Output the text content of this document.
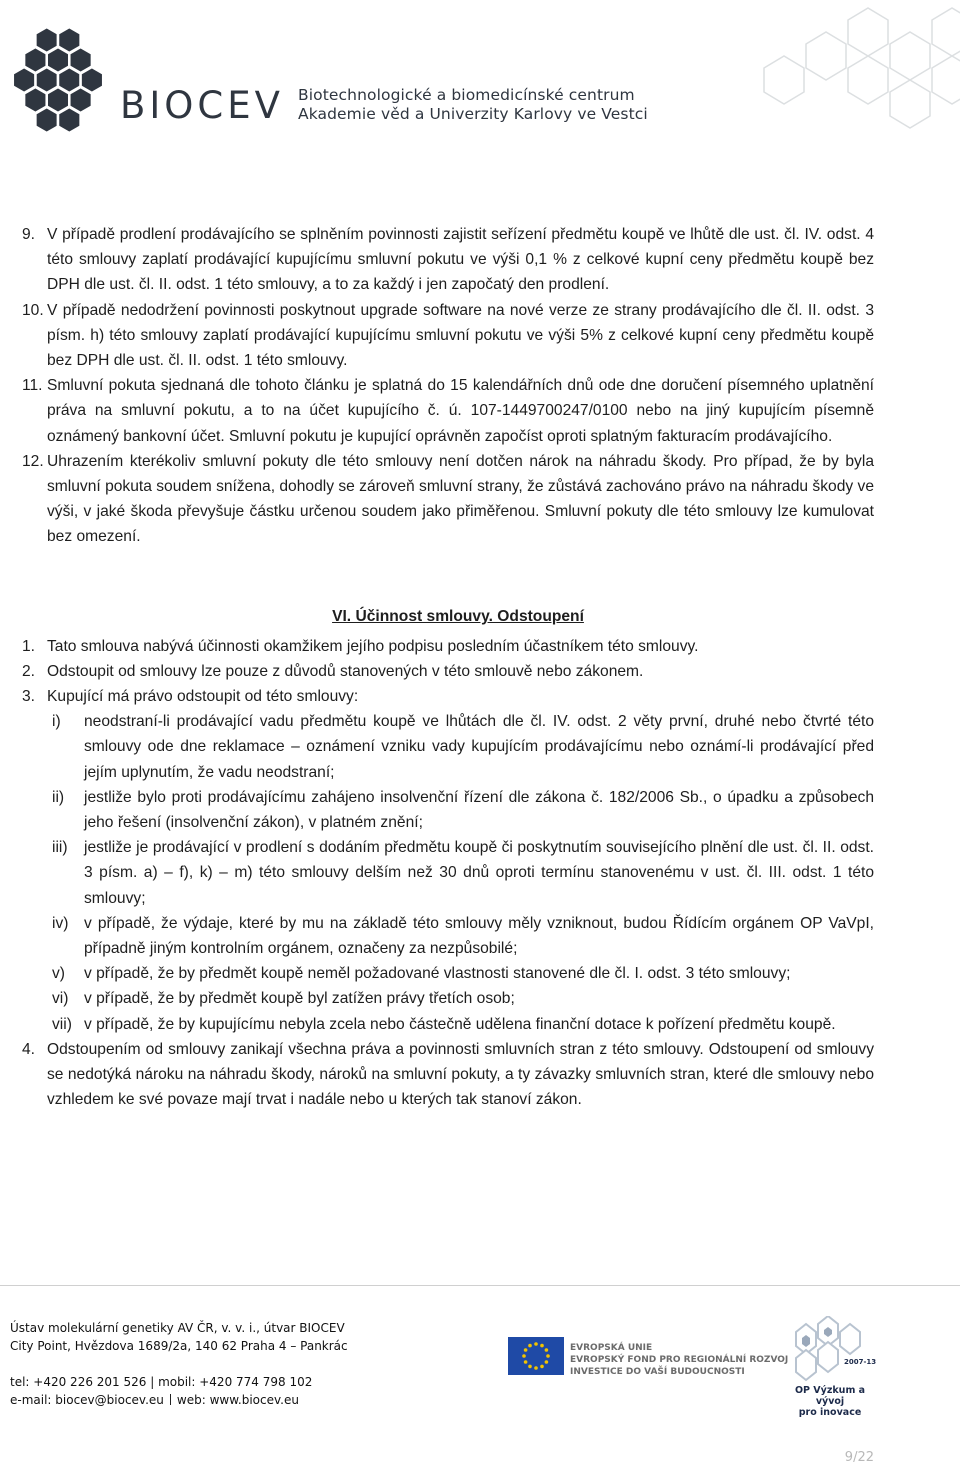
BIOCEV Biotechnologické a biomedicínské centrum
Akademie věd a Univerzity Karlovy ve Vestci

9. V případě prodlení prodávajícího se splněním povinnosti zajistit seřízení předmětu koupě ve lhůtě dle ust. čl. IV. odst. 4 této smlouvy zaplatí prodávající kupujícímu smluvní pokutu ve výši 0,1 % z celkové kupní ceny předmětu koupě bez DPH dle ust. čl. II. odst. 1 této smlouvy, a to za každý i jen započatý den prodlení.

10. V případě nedodržení povinnosti poskytnout upgrade software na nové verze ze strany prodávajícího dle čl. II. odst. 3 písm. h) této smlouvy zaplatí prodávající kupujícímu smluvní pokutu ve výši 5% z celkové kupní ceny předmětu koupě bez DPH dle ust. čl. II. odst. 1 této smlouvy.

11. Smluvní pokuta sjednaná dle tohoto článku je splatná do 15 kalendářních dnů ode dne doručení písemného uplatnění práva na smluvní pokutu, a to na účet kupujícího č. ú. 107-1449700247/0100 nebo na jiný kupujícím písemně oznámený bankovní účet. Smluvní pokutu je kupující oprávněn započíst oproti splatným fakturacím prodávajícího.

12. Uhrazením kterékoliv smluvní pokuty dle této smlouvy není dotčen nárok na náhradu škody. Pro případ, že by byla smluvní pokuta soudem snížena, dohodly se zároveň smluvní strany, že zůstává zachováno právo na náhradu škody ve výši, v jaké škoda převyšuje částku určenou soudem jako přiměřenou. Smluvní pokuty dle této smlouvy lze kumulovat bez omezení.

VI. Účinnost smlouvy. Odstoupení

1. Tato smlouva nabývá účinnosti okamžikem jejího podpisu posledním účastníkem této smlouvy.

2. Odstoupit od smlouvy lze pouze z důvodů stanovených v této smlouvě nebo zákonem.

3. Kupující má právo odstoupit od této smlouvy:

i)	neodstraní-li prodávající vadu předmětu koupě ve lhůtách dle čl. IV. odst. 2 věty první, druhé nebo čtvrté této smlouvy ode dne reklamace – oznámení vzniku vady kupujícím prodávajícímu nebo oznámí-li prodávající před jejím uplynutím, že vadu neodstraní;

ii)	jestliže bylo proti prodávajícímu zahájeno insolvenční řízení dle zákona č. 182/2006 Sb., o úpadku a způsobech jeho řešení (insolvenční zákon), v platném znění;

iii)	jestliže je prodávající v prodlení s dodáním předmětu koupě či poskytnutím souvisejícího plnění dle ust. čl. II. odst. 3 písm. a) – f), k) – m) této smlouvy delším než 30 dnů oproti termínu stanovenému v ust. čl. III. odst. 1 této smlouvy;

iv) v případě, že výdaje, které by mu na základě této smlouvy měly vzniknout, budou Řídícím orgánem OP VaVpI, případně jiným kontrolním orgánem, označeny za nezpůsobilé;

v)	v případě, že by předmět koupě neměl požadované vlastnosti stanovené dle čl. I. odst. 3 této smlouvy;

vi) v případě, že by předmět koupě byl zatížen právy třetích osob;

vii) v případě, že by kupujícímu nebyla zcela nebo částečně udělena finanční dotace k pořízení předmětu koupě.

4. Odstoupením od smlouvy zanikají všechna práva a povinnosti smluvních stran z této smlouvy. Odstoupení od smlouvy se nedotýká nároku na náhradu škody, nároků na smluvní pokuty, a ty závazky smluvních stran, které dle smlouvy nebo vzhledem ke své povaze mají trvat i nadále nebo u kterých tak stanoví zákon.

Ústav molekulární genetiky AV ČR, v. v. i., útvar BIOCEV
City Point, Hvězdova 1689/2a, 140 62 Praha 4 – Pankrác
tel: +420 226 201 526 | mobil: +420 774 798 102
e-mail: biocev@biocev.eu web: www.biocev.eu
EVROPSKÁ UNIE
EVROPSKÝ FOND PRO REGIONÁLNÍ ROZVOJ
INVESTICE DO VAŠÍ BUDOUCNOSTI
2007-13
OP Výzkum a vývoj
pro inovace
9/22
